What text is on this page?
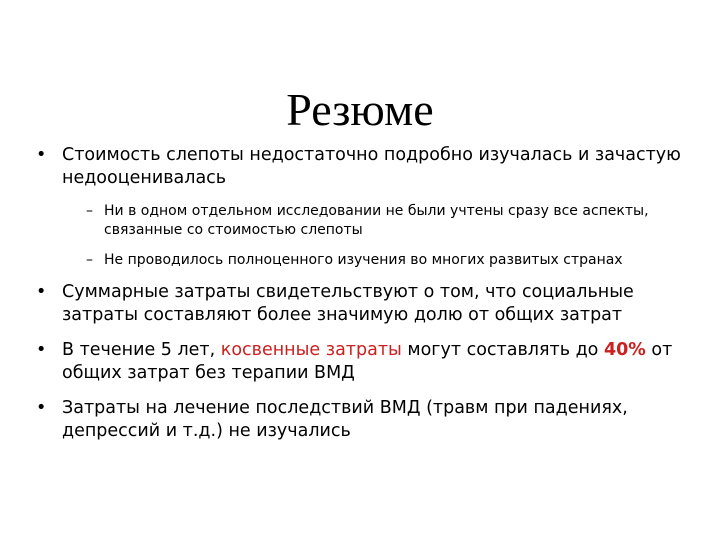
Резюме
• Стоимость слепоты недостаточно подробно изучалась и зачастую недооценивалась
– Ни в одном отдельном исследовании не были учтены сразу все аспекты, связанные со стоимостью слепоты
– Не проводилось полноценного изучения во многих развитых странах
• Суммарные затраты свидетельствуют о том, что социальные затраты составляют более значимую долю от общих затрат
• В течение 5 лет, косвенные затраты могут составлять до 40% от общих затрат без терапии ВМД
• Затраты на лечение последствий ВМД (травм при падениях, депрессий и т.д.) не изучались
